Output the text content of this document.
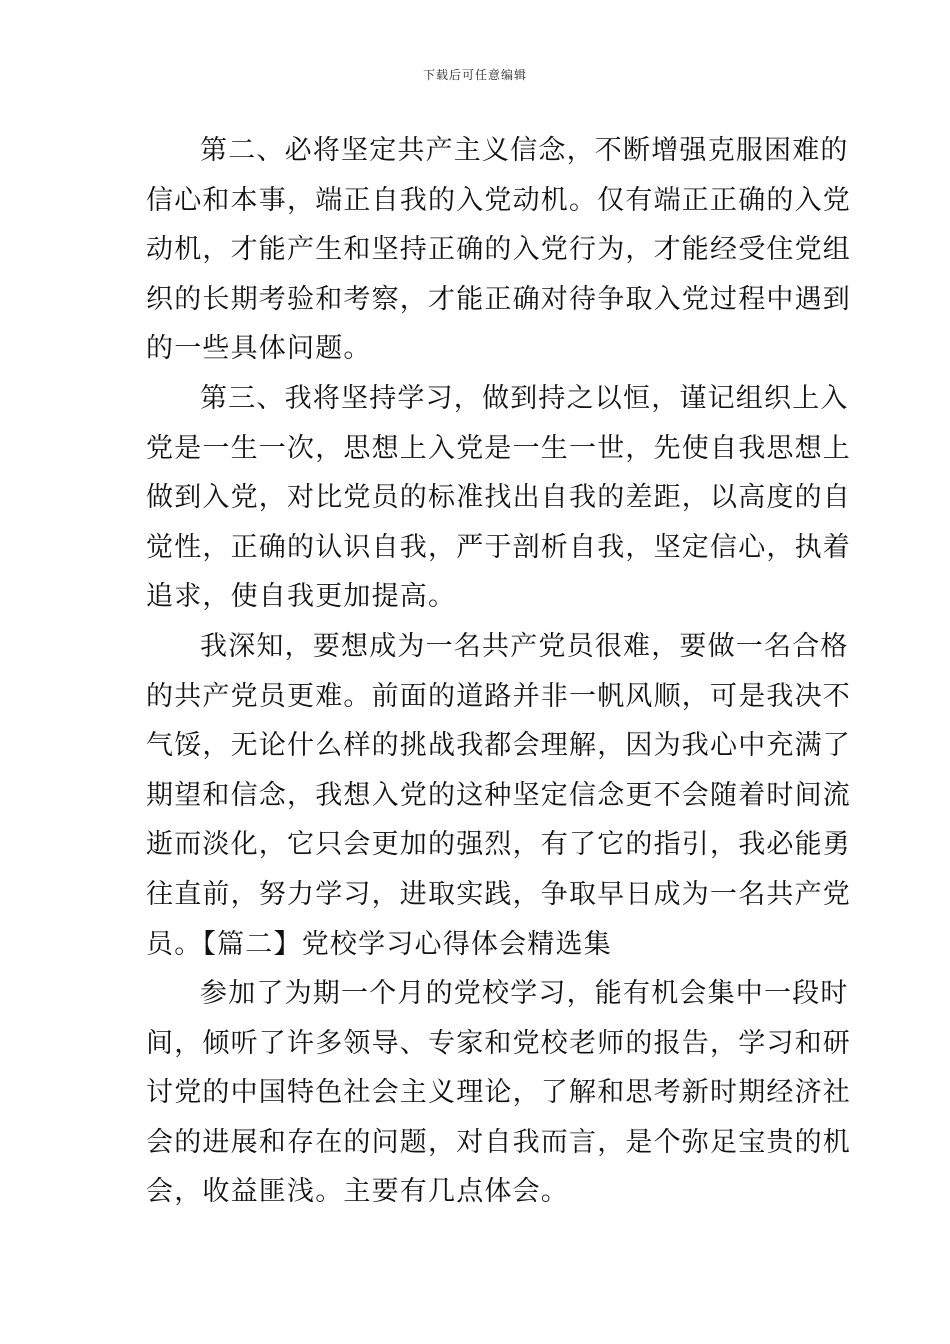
下载后可任意编辑
第二、必将坚定共产主义信念，不断增强克服困难的
信心和本事，端正自我的入党动机。仅有端正正确的入党
动机，才能产生和坚持正确的入党行为，才能经受住党组
织的长期考验和考察，才能正确对待争取入党过程中遇到
的一些具体问题。
第三、我将坚持学习，做到持之以恒，谨记组织上入
党是一生一次，思想上入党是一生一世，先使自我思想上
做到入党，对比党员的标准找出自我的差距，以高度的自
觉性，正确的认识自我，严于剖析自我，坚定信心，执着
追求，使自我更加提高。
我深知，要想成为一名共产党员很难，要做一名合格
的共产党员更难。前面的道路并非一帆风顺，可是我决不
气馁，无论什么样的挑战我都会理解，因为我心中充满了
期望和信念，我想入党的这种坚定信念更不会随着时间流
逝而淡化，它只会更加的强烈，有了它的指引，我必能勇
往直前，努力学习，进取实践，争取早日成为一名共产党
员。【篇二】党校学习心得体会精选集
参加了为期一个月的党校学习，能有机会集中一段时
间，倾听了许多领导、专家和党校老师的报告，学习和研
讨党的中国特色社会主义理论，了解和思考新时期经济社
会的进展和存在的问题，对自我而言，是个弥足宝贵的机
会，收益匪浅。主要有几点体会。
